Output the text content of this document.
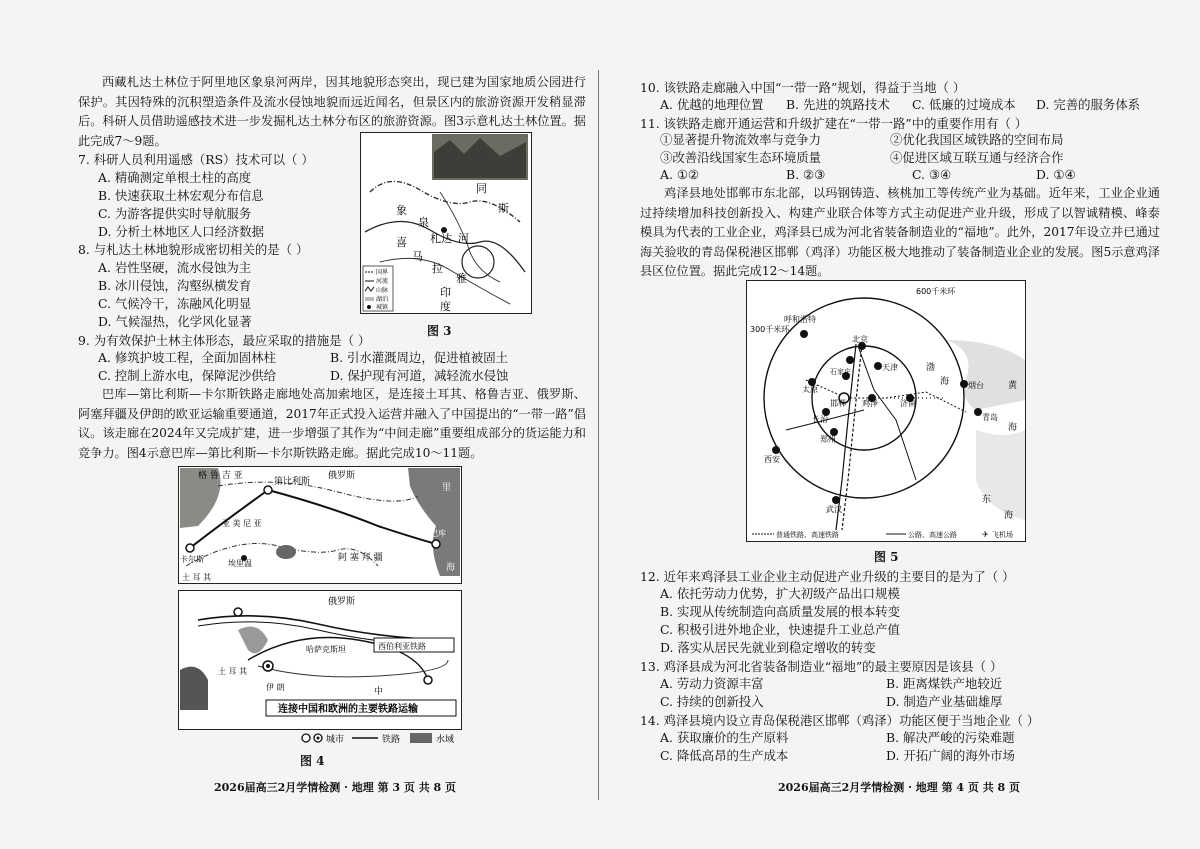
西藏札达土林位于阿里地区象泉河两岸，因其地貌形态突出，现已建为国家地质公园进行保护。其因特殊的沉积塑造条件及流水侵蚀地貌而远近闻名，但景区内的旅游资源开发稍显滞后。科研人员借助遥感技术进一步发掘札达土林分布区的旅游资源。图3示意札达土林位置。据此完成7～9题。
7. 科研人员利用遥感（RS）技术可以（ ）
A. 精确测定单根土柱的高度
B. 快速获取土林宏观分布信息
C. 为游客提供实时导航服务
D. 分析土林地区人口经济数据
8. 与札达土林地貌形成密切相关的是（ ）
A. 岩性坚硬，流水侵蚀为主
B. 冰川侵蚀，沟壑纵横发育
C. 气候冷干，冻融风化明显
D. 气候湿热，化学风化显著
9. 为有效保护土林主体形态，最应采取的措施是（ ）
A. 修筑护坡工程，全面加固林柱	B. 引水灌溉周边，促进植被固土
C. 控制上游水电，保障泥沙供给	D. 保护现有河道，减轻流水侵蚀
象
泉
札达 河
喜
马
拉
雅
同
斯
印
度
国界
河流
山脉
湖泊
城镇
图 3
巴库—第比利斯—卡尔斯铁路走廊地处高加索地区，是连接土耳其、格鲁吉亚、俄罗斯、阿塞拜疆及伊朗的欧亚运输重要通道，2017年正式投入运营并融入了中国提出的“一带一路”倡议。该走廊在2024年又完成扩建，进一步增强了其作为“中间走廊”重要组成部分的货运能力和竞争力。图4示意巴库—第比利斯—卡尔斯铁路走廊。据此完成10～11题。
格 鲁 吉 亚
第比利斯
俄罗斯
亚 美 尼 亚
埃里温
卡尔斯
土 耳 其
阿 塞 拜 疆
巴库
里
海
俄罗斯
哈萨克斯坦	西伯利亚铁路
土 耳 其
伊 朗	中
连接中国和欧洲的主要铁路运输
城市	铁路	水域
图 4
2026届高三2月学情检测 · 地理 第 3 页 共 8 页
10. 该铁路走廊融入中国“一带一路”规划，得益于当地（ ）
A. 优越的地理位置 B. 先进的筑路技术 C. 低廉的过境成本 D. 完善的服务体系
11. 该铁路走廊开通运营和升级扩建在“一带一路”中的重要作用有（ ）
①显著提升物流效率与竞争力	②优化我国区域铁路的空间布局
③改善沿线国家生态环境质量	④促进区域互联互通与经济合作
A. ①②	B. ②③	C. ③④	D. ①④
鸡泽县地处邯郸市东北部，以玛钢铸造、核桃加工等传统产业为基础。近年来，工业企业通过持续增加科技创新投入、构建产业联合体等方式主动促进产业升级，形成了以智诚精模、峰泰模具为代表的工业企业，鸡泽县已成为河北省装备制造业的“福地”。此外，2017年设立并已通过海关验收的青岛保税港区邯郸（鸡泽）功能区极大地推动了装备制造业企业的发展。图5示意鸡泽县区位位置。据此完成12～14题。
600千米环
300千米环
呼和浩特
北京
天津
石家庄
太原
邯郸 鸡泽	济南
烟台
青岛
长治
郑州
西安
武汉
渤
海	黄
海
东
海
普通铁路、高速铁路	公路、高速公路	✈ 飞机场
图 5
12. 近年来鸡泽县工业企业主动促进产业升级的主要目的是为了（ ）
A. 依托劳动力优势，扩大初级产品出口规模
B. 实现从传统制造向高质量发展的根本转变
C. 积极引进外地企业，快速提升工业总产值
D. 落实从居民先就业到稳定增收的转变
13. 鸡泽县成为河北省装备制造业“福地”的最主要原因是该县（ ）
A. 劳动力资源丰富	B. 距离煤铁产地较近
C. 持续的创新投入	D. 制造产业基础雄厚
14. 鸡泽县境内设立青岛保税港区邯郸（鸡泽）功能区便于当地企业（ ）
A. 获取廉价的生产原料	B. 解决严峻的污染难题
C. 降低高昂的生产成本	D. 开拓广阔的海外市场
2026届高三2月学情检测 · 地理 第 4 页 共 8 页
